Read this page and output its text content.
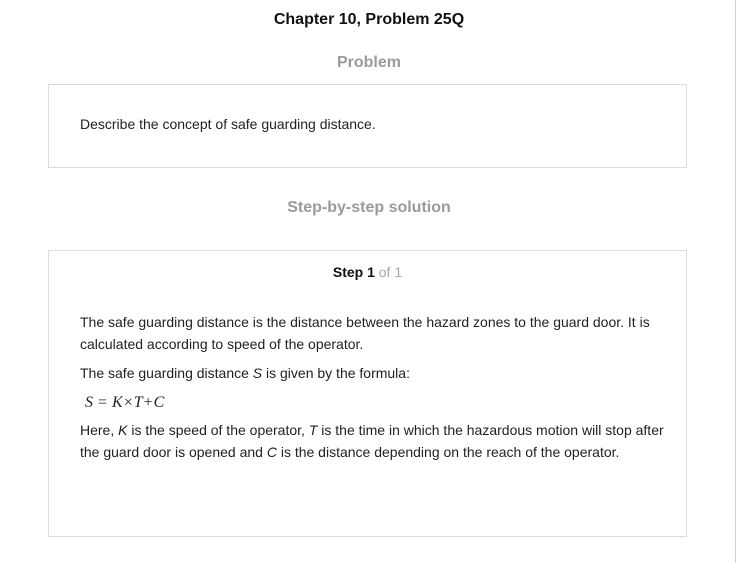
Chapter 10, Problem 25Q
Problem
Describe the concept of safe guarding distance.
Step-by-step solution
Step 1 of 1

The safe guarding distance is the distance between the hazard zones to the guard door. It is calculated according to speed of the operator.

The safe guarding distance S is given by the formula:

S = K×T+C

Here, K is the speed of the operator, T is the time in which the hazardous motion will stop after the guard door is opened and C is the distance depending on the reach of the operator.
